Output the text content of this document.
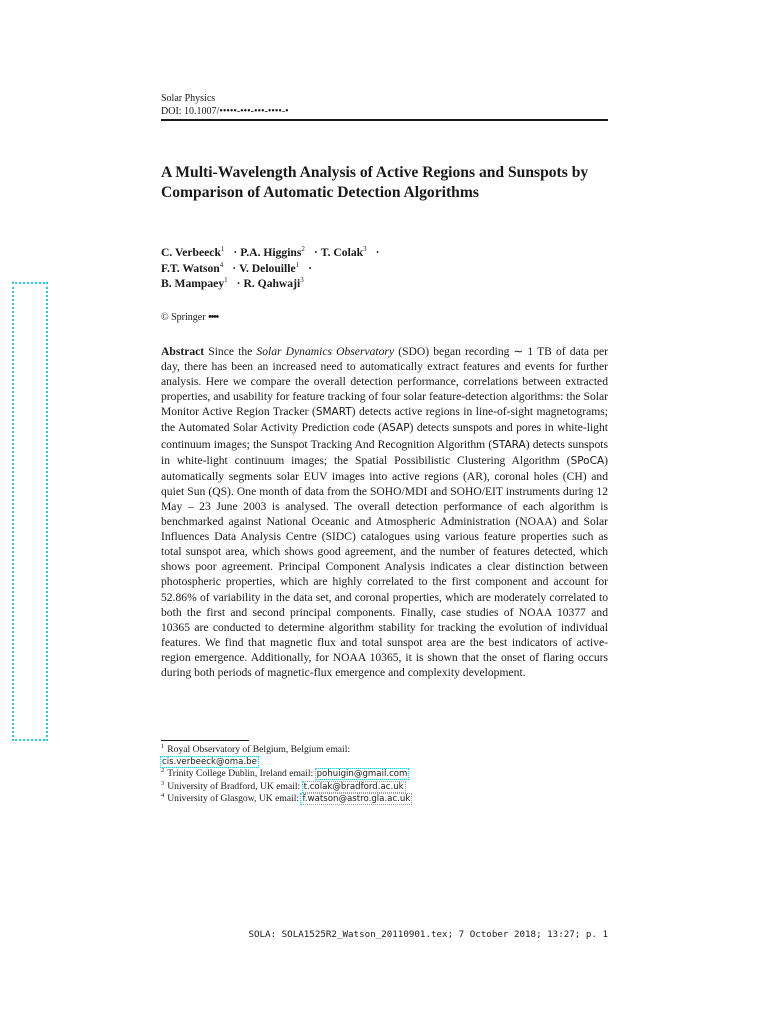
Solar Physics
DOI: 10.1007/•••••-•••-•••-••••-•
A Multi-Wavelength Analysis of Active Regions and Sunspots by Comparison of Automatic Detection Algorithms
C. Verbeeck$^1$ · P.A. Higgins$^2$ · T. Colak$^3$ ·
F.T. Watson$^4$ · V. Delouille$^1$ ·
B. Mampaey$^1$ · R. Qahwaji$^3$
© Springer ••••
Abstract Since the Solar Dynamics Observatory (SDO) began recording ∼ 1 TB of data per day, there has been an increased need to automatically extract features and events for further analysis. Here we compare the overall detection performance, correlations between extracted properties, and usability for feature tracking of four solar feature-detection algorithms: the Solar Monitor Active Region Tracker (SMART) detects active regions in line-of-sight magnetograms; the Automated Solar Activity Prediction code (ASAP) detects sunspots and pores in white-light continuum images; the Sunspot Tracking And Recognition Algorithm (STARA) detects sunspots in white-light continuum images; the Spatial Possibilistic Clustering Algorithm (SPoCA) automatically segments solar EUV images into active regions (AR), coronal holes (CH) and quiet Sun (QS). One month of data from the SOHO/MDI and SOHO/EIT instruments during 12 May – 23 June 2003 is analysed. The overall detection performance of each algorithm is benchmarked against National Oceanic and Atmospheric Administration (NOAA) and Solar Influences Data Analysis Centre (SIDC) catalogues using various feature properties such as total sunspot area, which shows good agreement, and the number of features detected, which shows poor agreement. Principal Component Analysis indicates a clear distinction between photospheric properties, which are highly correlated to the first component and account for 52.86% of variability in the data set, and coronal properties, which are moderately correlated to both the first and second principal components. Finally, case studies of NOAA 10377 and 10365 are conducted to determine algorithm stability for tracking the evolution of individual features. We find that magnetic flux and total sunspot area are the best indicators of active-region emergence. Additionally, for NOAA 10365, it is shown that the onset of flaring occurs during both periods of magnetic-flux emergence and complexity development.
$^1$ Royal Observatory of Belgium, Belgium email:
cis.verbeeck@oma.be
$^2$ Trinity College Dublin, Ireland email: pohuigin@gmail.com
$^3$ University of Bradford, UK email: t.colak@bradford.ac.uk
$^4$ University of Glasgow, UK email: f.watson@astro.gla.ac.uk
SOLA: SOLA1525R2_Watson_20110901.tex; 7 October 2018; 13:27; p. 1
